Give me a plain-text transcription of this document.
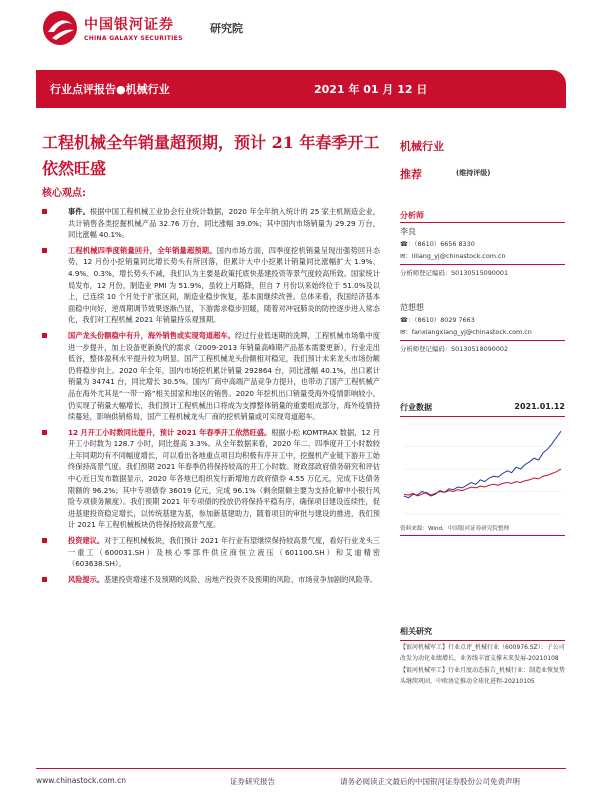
中国银河证券	研究院
CHINA GALAXY SECURITIES
行业点评报告●机械行业	2021 年 01 月 12 日
工程机械全年销量超预期，预计 21 年春季开工依然旺盛
核心观点:
事件。根据中国工程机械工业协会行业统计数据，2020 年全年纳入统计的 25 家主机制造企业，共计销售各类挖掘机械产品 32.76 万台，同比涨幅 39.0%；其中国内市场销量为 29.29 万台，同比涨幅 40.1%。
工程机械四季度销量回升，全年销量超预期。国内市场方面，四季度挖机销量呈现出强势回升态势，12 月份小挖销量同比增长势头有所回落，但累计大中小挖累计销量同比涨幅扩大 1.9%、4.9%、0.3%，增长势头不减，我们认为主要是政策托底快基建投资等景气度较高所致。国家统计局发布，12 月份，制造业 PMI 为 51.9%，虽较上月略降，但自 7 月份以来始终位于 51.0%及以上，已连续 10 个月处于扩张区间，制造业稳步恢复，基本面继续改善。总体来看，我国经济基本面稳中向好，逆周期调节效果逐渐凸显，下游需求稳步回暖，随着对冲冠肺炎的防控逐步进入常态化，我们对工程机械 2021 年销量持乐观预期。
国产龙头份额稳中有升，海外销售或实现弯道超车。经过行业低迷期的洗牌，工程机械市场集中度进一步提升，加上设备更新换代的需求（2009-2013 年销量高峰期产品基本需要更新），行业走出低谷，整体盈利水平提升较为明显。国产工程机械龙头份额相对稳定，我们预计未来龙头市场份额仍将稳步向上。2020 年全年，国内市场挖机累计销量 292864 台，同比涨幅 40.1%，出口累计销量为 34741 台，同比增长 30.5%。国内厂商中高端产品竞争力提升，也带动了国产工程机械产品在海外尤其是“一带一路”相关国家和地区的销售。2020 年挖机出口销量受海外疫情影响较小，仍实现了销量大幅增长，我们预计工程机械出口将成为支撑整体销量的重要组成部分，海外疫情持续蔓延，影响供销格局，国产工程机械龙头厂商的挖机销量或可实现弯道超车。
12 月开工小时数同比提升，预计 2021 年春季开工依然旺盛。根据小松 KOMTRAX 数据，12 月开工小时数为 128.7 小时，同比提高 3.3%。从全年数据来看，2020 年二、四季度开工小时数较上年同期均有不同幅度增长，可以看出各地重点项目均积极有序开工中，挖掘机产业链下游开工始终保持高景气度。我们预期 2021 年春季仍将保持较高的开工小时数。财政部政府债务研究和评估中心近日发布数据显示，2020 年各地已组织发行新增地方政府债券 4.55 万亿元，完成下达债务限额的 96.2%；其中专项债券 36019 亿元，完成 96.1%（剩余限额主要为支持化解中小银行风险专项债务额度）。我们预期 2021 年专项债的投放仍将保持平稳有序，确保项目建设连续性，促进基建投资稳定增长，以传统基建为基，参加新基建助力，随着项目的审批与建设的推进，我们预计 2021 年工程机械板块仍将保持较高景气度。
投资建议。对于工程机械板块，我们预计 2021 年行业有望继续保持较高景气度，看好行业龙头三一重工（600031.SH）及核心零部件供应商恒立液压（601100.SH）和艾迪精密（603638.SH）。
风险提示。基建投资增速不及预期的风险、房地产投资不及预期的风险、市场竞争加剧的风险等。
机械行业
推荐	(维持评级)
分析师
李良
☎：（8610）6656 8330
✉：liliang_yj@chinastock.com.cn
分析师登记编码：S0130515090001
范想想
☎：（8610）8029 7663
✉：fanxiangxiang_yj@chinastock.com.cn
分析师登记编码：S0130518090002
行业数据	2021.01.12
资料来源：Wind，中国银河证券研究院整理
相关研究
【银河机械军工】行业点评_机械行业（600976.SZ）：子公司改发为动化业绩增长，业务线丰富支撑未来发展-20210108
【银河机械军工】行业月度动态报告_机械行业：制造业恢复势头继续巩固，中欧协定推动全球化进程-20210105
www.chinastock.com.cn	证券研究报告	请务必阅读正文最后的中国银河证券股份公司免责声明
